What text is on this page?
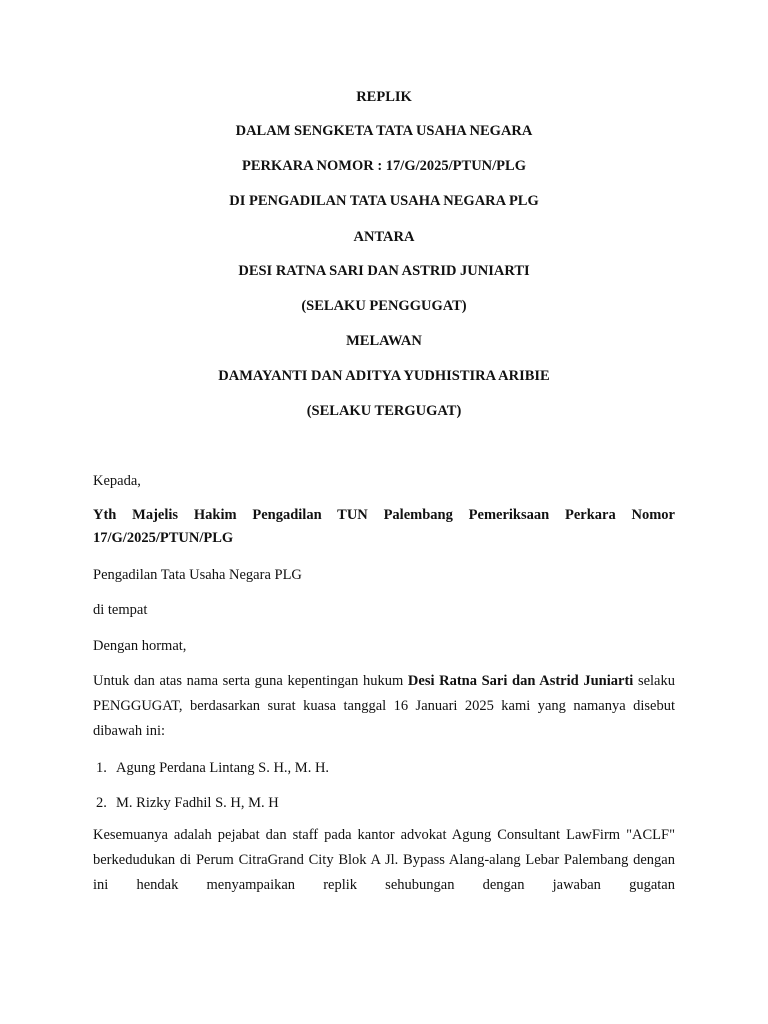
REPLIK
DALAM SENGKETA TATA USAHA NEGARA
PERKARA NOMOR : 17/G/2025/PTUN/PLG
DI PENGADILAN TATA USAHA NEGARA PLG
ANTARA
DESI RATNA SARI DAN ASTRID JUNIARTI
(SELAKU PENGGUGAT)
MELAWAN
DAMAYANTI DAN ADITYA YUDHISTIRA ARIBIE
(SELAKU TERGUGAT)
Kepada,
Yth Majelis Hakim Pengadilan TUN Palembang Pemeriksaan Perkara Nomor 17/G/2025/PTUN/PLG
Pengadilan Tata Usaha Negara PLG
di tempat
Dengan hormat,
Untuk dan atas nama serta guna kepentingan hukum Desi Ratna Sari dan Astrid Juniarti selaku PENGGUGAT, berdasarkan surat kuasa tanggal 16 Januari 2025 kami yang namanya disebut dibawah ini:
1. Agung Perdana Lintang S. H., M. H.
2. M. Rizky Fadhil S. H, M. H
Kesemuanya adalah pejabat dan staff pada kantor advokat Agung Consultant LawFirm "ACLF" berkedudukan di Perum CitraGrand City Blok A Jl. Bypass Alang-alang Lebar Palembang dengan ini hendak menyampaikan replik sehubungan dengan jawaban gugatan
